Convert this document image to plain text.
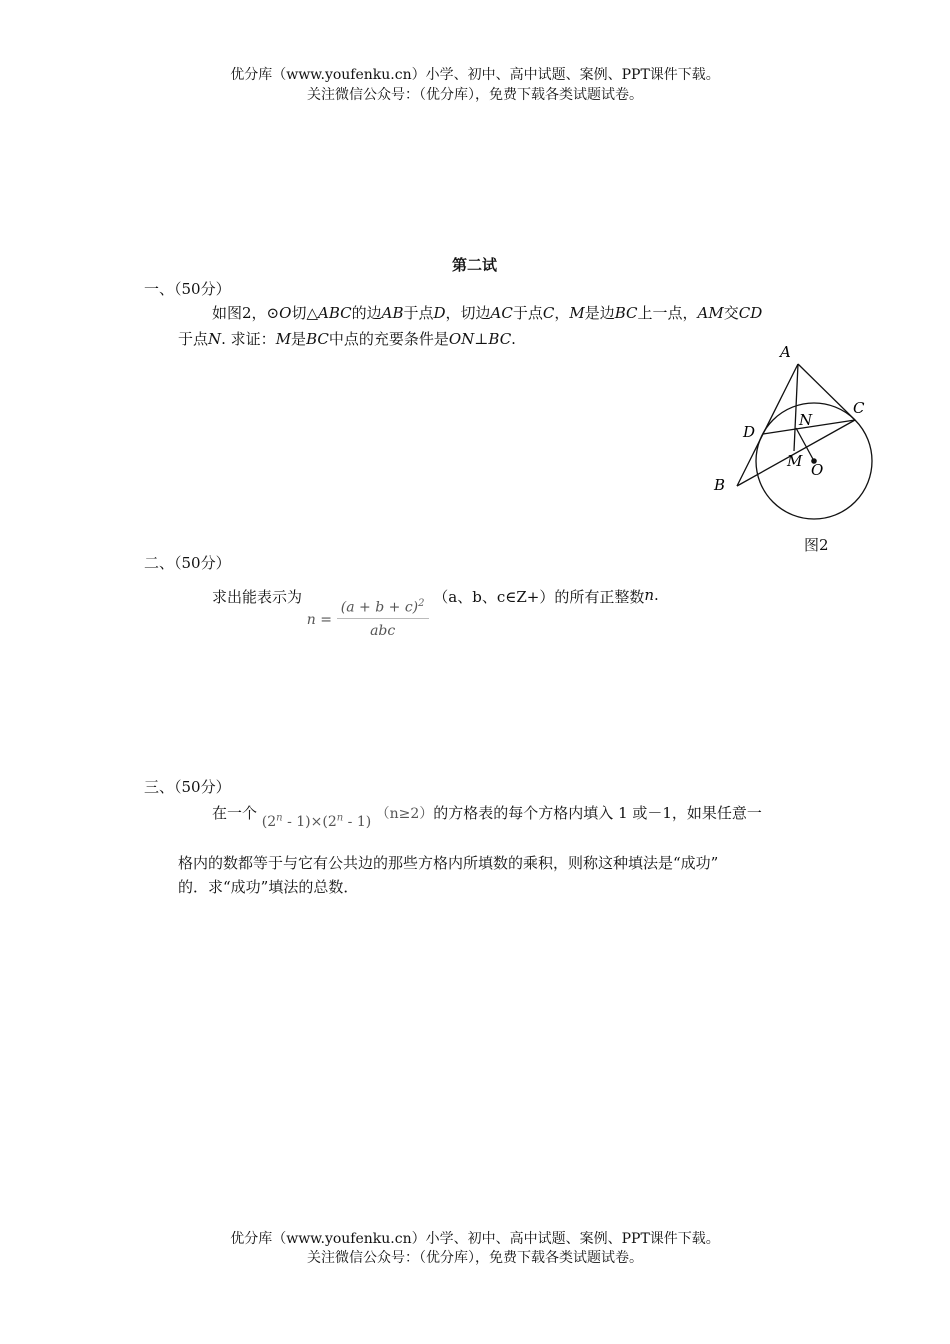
优分库（www.youfenku.cn）小学、初中、高中试题、案例、PPT课件下载。
关注微信公众号：（优分库），免费下载各类试题试卷。
第二试
一、（50分）
如图2，⊙O切△ABC的边AB于点D，切边AC于点C，M是边BC上一点，AM交CD
于点N. 求证：M是BC中点的充要条件是ON⊥BC.
A
C
D
N
M O
B
图2
二、（50分）
求出能表示为 $n = \frac{(a + b + c)^2}{\text{abc}}$
（a、b、c∈Z+）的所有正整数n.
三、（50分）
在一个 $(2^n - 1)\times(2^n - 1)$ （n≥2）的方格表的每个方格内填入 1 或－1，如果任意一
格内的数都等于与它有公共边的那些方格内所填数的乘积，则称这种填法是“成功”
的．求“成功”填法的总数．
优分库（www.youfenku.cn）小学、初中、高中试题、案例、PPT课件下载。
关注微信公众号：（优分库），免费下载各类试题试卷。
